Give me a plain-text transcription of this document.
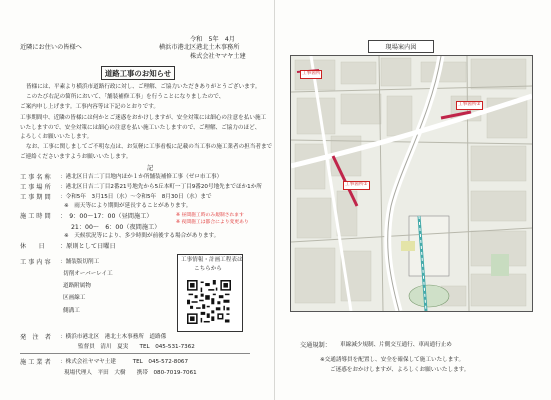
令和　5年　4月
近隣にお住いの皆様へ	横浜市港北区港北土木事務所
株式会社ヤマヤ土建
道路工事のお知らせ
皆様には、平素より横浜市道路行政に対し、ご理解、ご協力いただきありがとうございます。
このたび右記の箇所において、「舗装補修工事」を行うことになりましたので、
ご案内申し上げます。工事内容等は下記のとおりです。
工事期間中、近隣の皆様には何かとご迷惑をおかけしますが、安全対策には細心の注意を払い施工
いたしますので、安全対策には細心の注意を払い施工いたしますので、ご理解、ご協力のほど、
よろしくお願いいたします。
なお、工事に関しましてご不明な点は、お気軽に工事看板に記載の当工事の施工業者の担当者まで
ご連絡くださいますようお願いいたします。
記
工 事 名 称 ：港北区日吉二丁目地内ほか１か所舗装補修工事（ゼロ市工事）
工 事 場 所 ：港北区日吉二丁目2番21号地先から5丘本町一丁目9番20号地先までほか1か所
工 事 期 間 ：令和5年　3月15日（水）～令和5年　8月30日（水）まで
※　雨天等により期間が延長することがあります。
施 工 時 間 ：　9：00～17：00（昼間施工）
21：00～　6：00（夜間施工）
※ 昼間施工時のみ規制されます
※ 夜間施工は都合により変更あり
※　天候状況等により、多少時間が前後する場合があります。
休　　日 ：原則として日曜日
工 事 内 容 ：舗装版切削工
切削オーバーレイ工
道路附属物
区画線工
側溝工
工事情報・計画工程表は
こちらから
発　注　者 ：横浜市港北区　港北土木事務所　道路係
監督員　清川　夏実　　TEL　045-531-7362
施 工 業 者 ：株式会社ヤマヤ土建　　　TEL　045-572-8067
現場代理人　平田　大樹　　携帯　080-7019-7061
現場案内図
工事箇所
工事箇所②
工事箇所①
交通規制： 車線減少規制、片側交互通行、車両通行止め
※交通誘導員を配置し、安全を確保して施工いたします。
ご迷惑をおかけしますが、よろしくお願いいたします。
